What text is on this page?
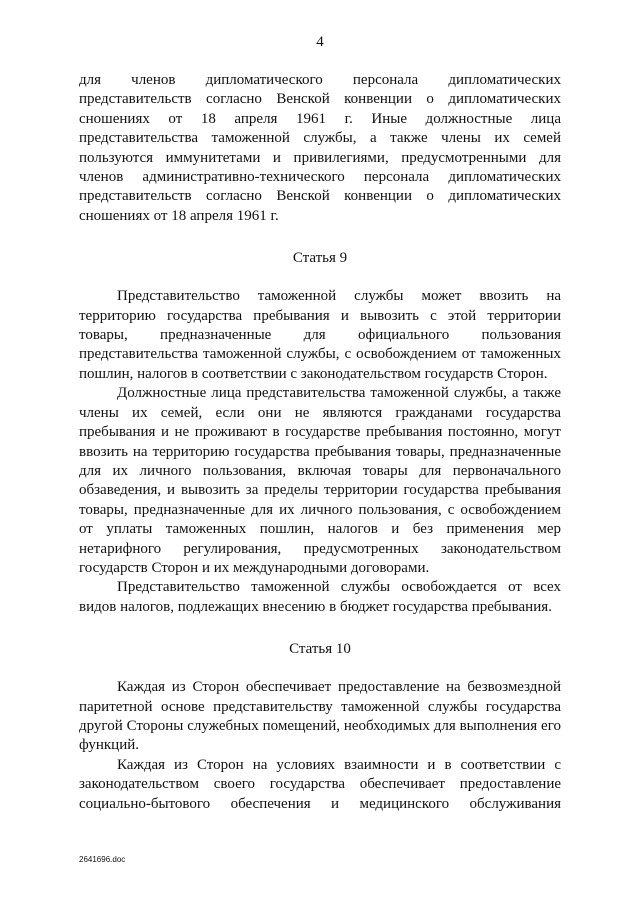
4

для членов дипломатического персонала дипломатических представительств согласно Венской конвенции о дипломатических сношениях от 18 апреля 1961 г. Иные должностные лица представительства таможенной службы, а также члены их семей пользуются иммунитетами и привилегиями, предусмотренными для членов административно-технического персонала дипломатических представительств согласно Венской конвенции о дипломатических сношениях от 18 апреля 1961 г.

Статья 9

Представительство таможенной службы может ввозить на территорию государства пребывания и вывозить с этой территории товары, предназначенные для официального пользования представительства таможенной службы, с освобождением от таможенных пошлин, налогов в соответствии с законодательством государств Сторон.

Должностные лица представительства таможенной службы, а также члены их семей, если они не являются гражданами государства пребывания и не проживают в государстве пребывания постоянно, могут ввозить на территорию государства пребывания товары, предназначенные для их личного пользования, включая товары для первоначального обзаведения, и вывозить за пределы территории государства пребывания товары, предназначенные для их личного пользования, с освобождением от уплаты таможенных пошлин, налогов и без применения мер нетарифного регулирования, предусмотренных законодательством государств Сторон и их международными договорами.

Представительство таможенной службы освобождается от всех видов налогов, подлежащих внесению в бюджет государства пребывания.

Статья 10

Каждая из Сторон обеспечивает предоставление на безвозмездной паритетной основе представительству таможенной службы государства другой Стороны служебных помещений, необходимых для выполнения его функций.

Каждая из Сторон на условиях взаимности и в соответствии с законодательством своего государства обеспечивает предоставление социально-бытового обеспечения и медицинского обслуживания

2641696.doc
